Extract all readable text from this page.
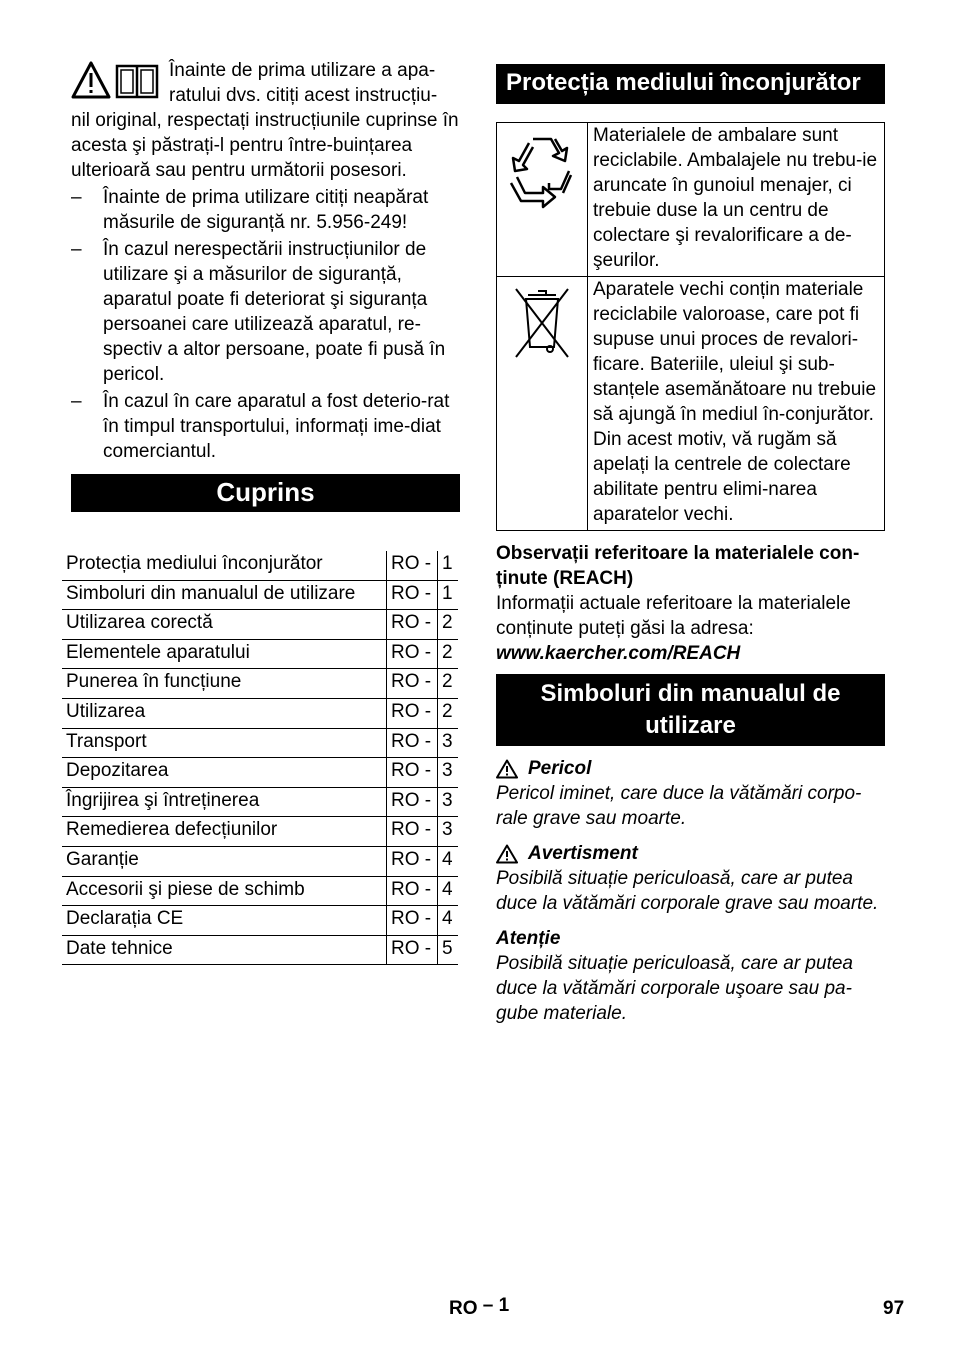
Înainte de prima utilizare a apa-

ratului dvs. citiți acest instrucțiu-

nil original, respectați instrucțiunile cuprinse în acesta şi păstrați-l pentru între-buințarea ulterioară sau pentru următorii posesori.

–	Înainte de prima utilizare citiți neapărat măsurile de siguranță nr. 5.956-249!
–	În cazul nerespectării instrucțiunilor de utilizare şi a măsurilor de siguranță, aparatul poate fi deteriorat şi siguranța persoanei care utilizează aparatul, re-spectiv a altor persoane, poate fi pusă în pericol.
–	În cazul în care aparatul a fost deterio-rat în timpul transportului, informați ime-diat comerciantul.
Cuprins
Protecția mediului înconjurător	RO -	1
Simboluri din manualul de utilizare	RO -	1
Utilizarea corectă	RO -	2
Elementele aparatului	RO -	2
Punerea în funcțiune	RO -	2
Utilizarea	RO -	2
Transport	RO -	3
Depozitarea	RO -	3
Îngrijirea şi întreținerea	RO -	3
Remedierea defecțiunilor	RO -	3
Garanție	RO -	4
Accesorii şi piese de schimb	RO -	4
Declarația CE	RO -	4
Date tehnice	RO -	5
Protecția mediului înconjurător
	Materialele de ambalare sunt reciclabile. Ambalajele nu trebu-ie aruncate în gunoiul menajer, ci trebuie duse la un centru de colectare şi revalorificare a de-şeurilor.
	Aparatele vechi conțin materiale reciclabile valoroase, care pot fi supuse unui proces de revalori-ficare. Bateriile, uleiul şi sub-stanțele asemănătoare nu trebuie să ajungă în mediul în-conjurător. Din acest motiv, vă rugăm să apelați la centrele de colectare abilitate pentru elimi-narea aparatelor vechi.

Observații referitoare la materialele con-ținute (REACH)

Informații actuale referitoare la materialele conținute puteți găsi la adresa:

www.kaercher.com/REACH

Simboluri din manualul de
utilizare
Pericol

Pericol iminet, care duce la vătămări corpo-rale grave sau moarte.

Avertisment

Posibilă situație periculoasă, care ar putea duce la vătămări corporale grave sau moarte.

Atenție

Posibilă situație periculoasă, care ar putea duce la vătămări corporale uşoare sau pa-gube materiale.

RO – 1	97
